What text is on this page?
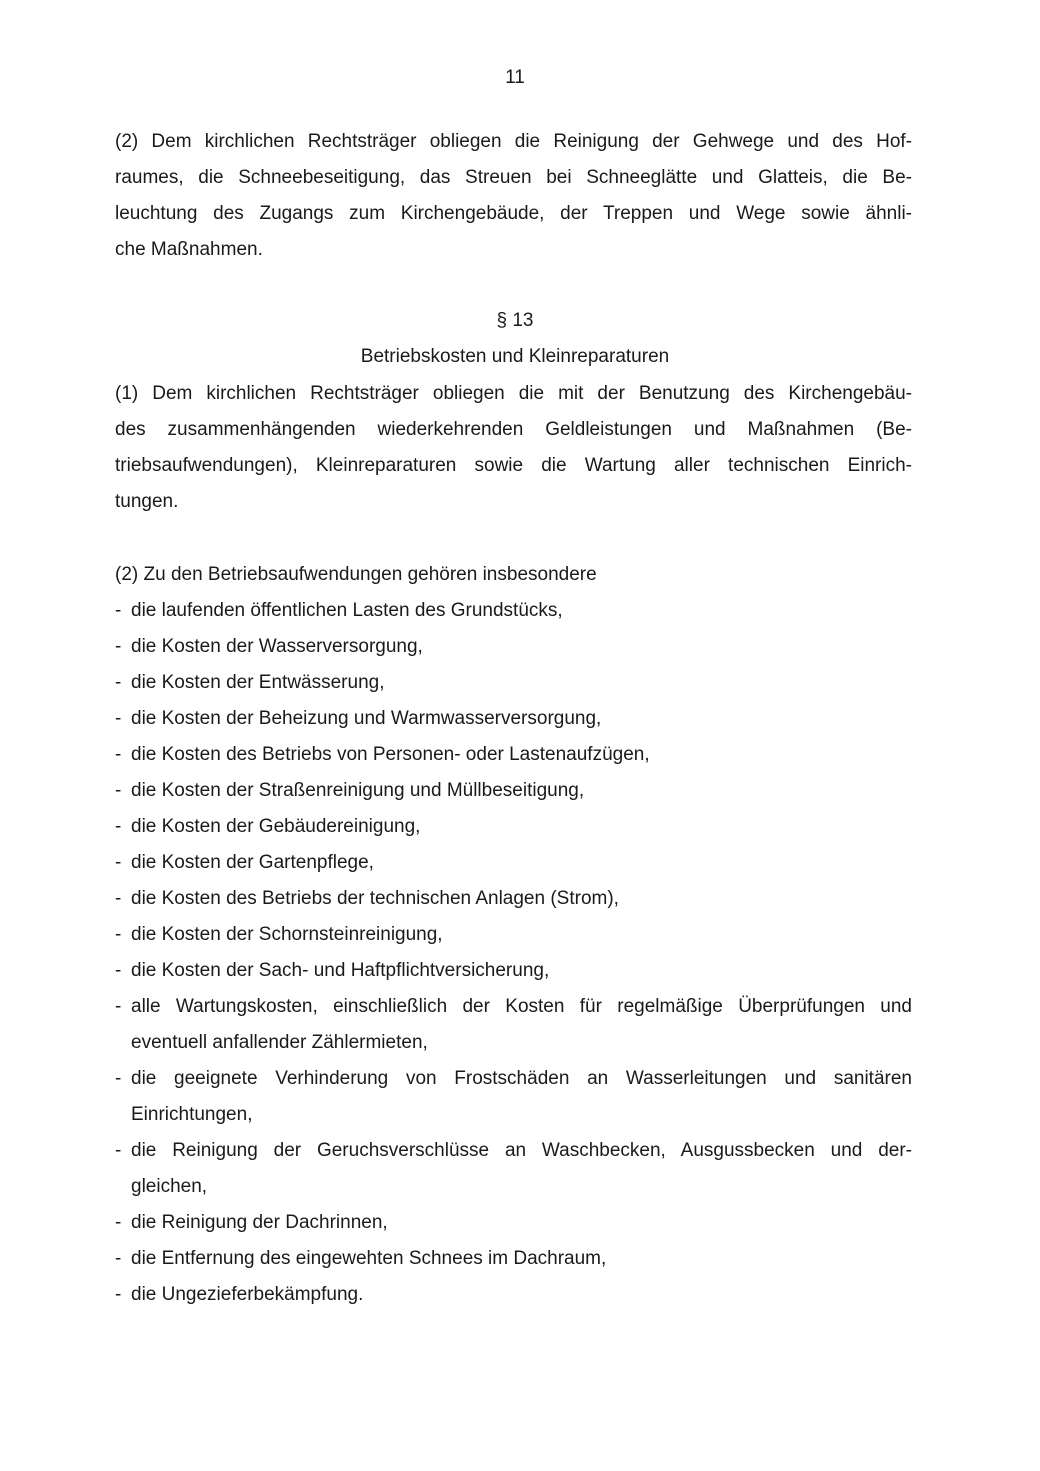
11

(2) Dem kirchlichen Rechtsträger obliegen die Reinigung der Gehwege und des Hof-
raumes, die Schneebeseitigung, das Streuen bei Schneeglätte und Glatteis, die Be-
leuchtung des Zugangs zum Kirchengebäude, der Treppen und Wege sowie ähnli-
che Maßnahmen.

§ 13
Betriebskosten und Kleinreparaturen

(1) Dem kirchlichen Rechtsträger obliegen die mit der Benutzung des Kirchengebäu-
des zusammenhängenden wiederkehrenden Geldleistungen und Maßnahmen (Be-
triebsaufwendungen), Kleinreparaturen sowie die Wartung aller technischen Einrich-
tungen.

(2) Zu den Betriebsaufwendungen gehören insbesondere

- die laufenden öffentlichen Lasten des Grundstücks,
- die Kosten der Wasserversorgung,
- die Kosten der Entwässerung,
- die Kosten der Beheizung und Warmwasserversorgung,
- die Kosten des Betriebs von Personen- oder Lastenaufzügen,
- die Kosten der Straßenreinigung und Müllbeseitigung,
- die Kosten der Gebäudereinigung,
- die Kosten der Gartenpflege,
- die Kosten des Betriebs der technischen Anlagen (Strom),
- die Kosten der Schornsteinreinigung,
- die Kosten der Sach- und Haftpflichtversicherung,
- alle Wartungskosten, einschließlich der Kosten für regelmäßige Überprüfungen und
eventuell anfallender Zählermieten,
- die geeignete Verhinderung von Frostschäden an Wasserleitungen und sanitären
Einrichtungen,
- die Reinigung der Geruchsverschlüsse an Waschbecken, Ausgussbecken und der-
gleichen,
- die Reinigung der Dachrinnen,
- die Entfernung des eingewehten Schnees im Dachraum,
- die Ungezieferbekämpfung.
